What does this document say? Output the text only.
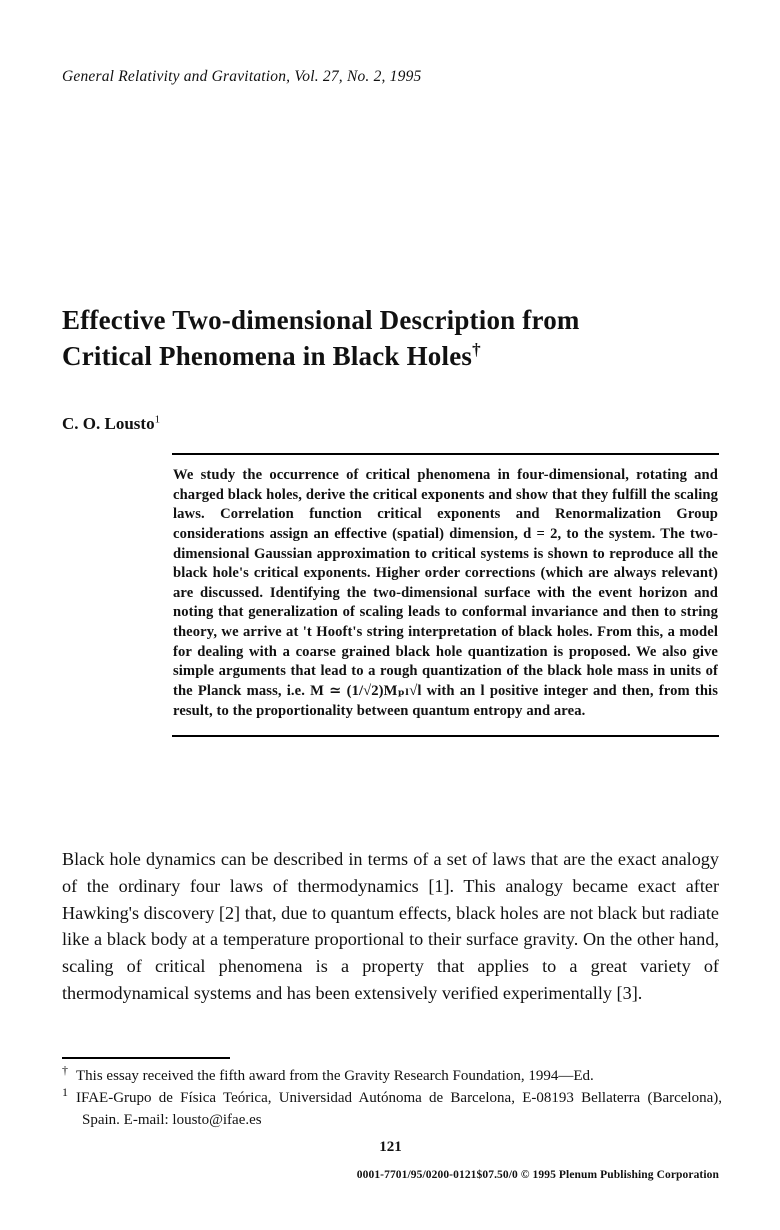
General Relativity and Gravitation, Vol. 27, No. 2, 1995
Effective Two-dimensional Description from
Critical Phenomena in Black Holes†
C. O. Lousto$^1$

We study the occurrence of critical phenomena in four-dimensional, rotating and charged black holes, derive the critical exponents and show that they fulfill the scaling laws. Correlation function critical exponents and Renormalization Group considerations assign an effective (spatial) dimension, d = 2, to the system. The two-dimensional Gaussian approximation to critical systems is shown to reproduce all the black hole's critical exponents. Higher order corrections (which are always relevant) are discussed. Identifying the two-dimensional surface with the event horizon and noting that generalization of scaling leads to conformal invariance and then to string theory, we arrive at 't Hooft's string interpretation of black holes. From this, a model for dealing with a coarse grained black hole quantization is proposed. We also give simple arguments that lead to a rough quantization of the black hole mass in units of the Planck mass, i.e. M ≃ (1/√2)Mₚₗ√l with an l positive integer and then, from this result, to the proportionality between quantum entropy and area.

Black hole dynamics can be described in terms of a set of laws that are the exact analogy of the ordinary four laws of thermodynamics [1]. This analogy became exact after Hawking's discovery [2] that, due to quantum effects, black holes are not black but radiate like a black body at a temperature proportional to their surface gravity. On the other hand, scaling of critical phenomena is a property that applies to a great variety of thermodynamical systems and has been extensively verified experimentally [3].

† This essay received the fifth award from the Gravity Research Foundation, 1994—Ed.
$^1$ IFAE-Grupo de Física Teórica, Universidad Autónoma de Barcelona, E-08193 Bellaterra (Barcelona), Spain. E-mail: lousto@ifae.es
121
0001-7701/95/0200-0121$07.50/0 © 1995 Plenum Publishing Corporation
